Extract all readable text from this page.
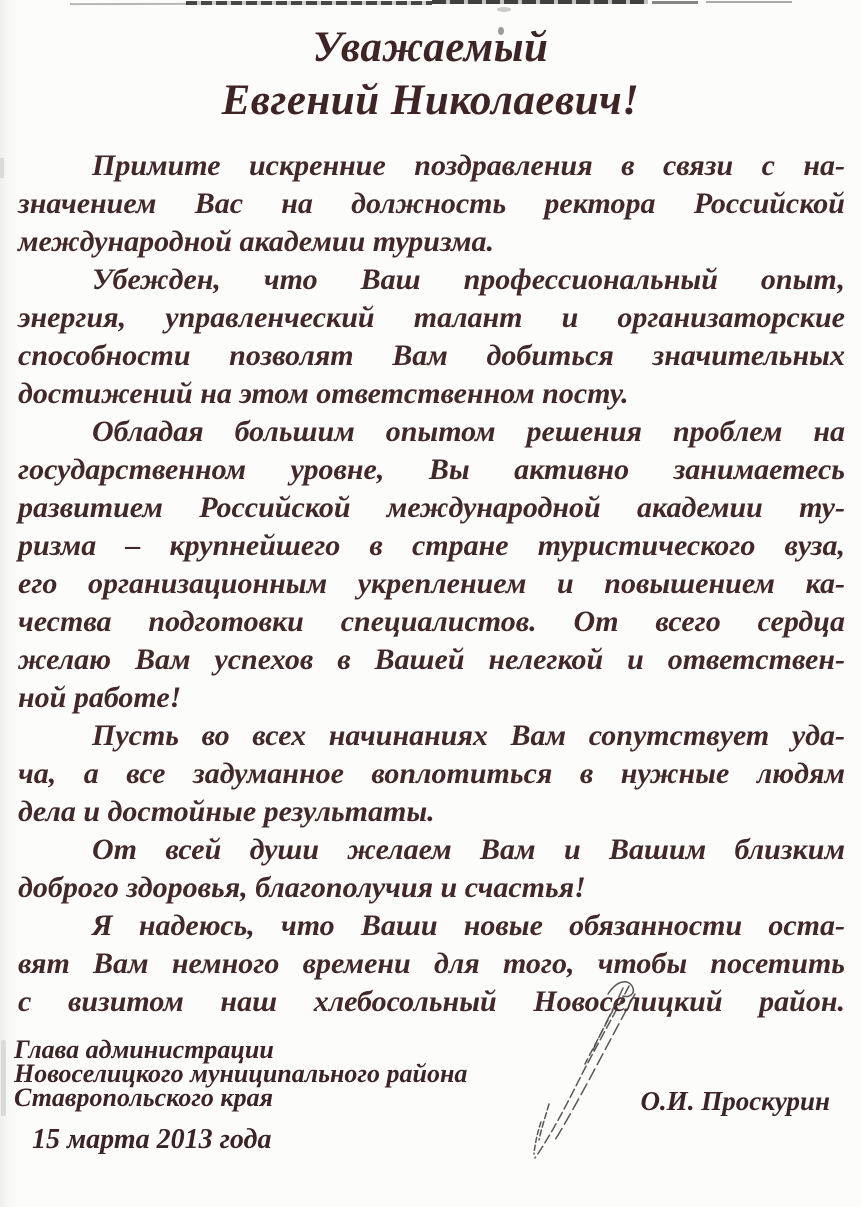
Уважаемый
Евгений Николаевич!
Примите искренние поздравления в связи с на-
значением Вас на должность ректора Российской
международной академии туризма.
Убежден, что Ваш профессиональный опыт,
энергия, управленческий талант и организаторские
способности позволят Вам добиться значительных
достижений на этом ответственном посту.
Обладая большим опытом решения проблем на
государственном уровне, Вы активно занимаетесь
развитием Российской международной академии ту-
ризма – крупнейшего в стране туристического вуза,
его организационным укреплением и повышением ка-
чества подготовки специалистов. От всего сердца
желаю Вам успехов в Вашей нелегкой и ответствен-
ной работе!
Пусть во всех начинаниях Вам сопутствует уда-
ча, а все задуманное воплотиться в нужные людям
дела и достойные результаты.
От всей души желаем Вам и Вашим близким
доброго здоровья, благополучия и счастья!
Я надеюсь, что Ваши новые обязанности оста-
вят Вам немного времени для того, чтобы посетить
с визитом наш хлебосольный Новоселицкий район.
Глава администрации
Новоселицкого муниципального района
Ставропольского края	О.И. Проскурин
15 марта 2013 года
